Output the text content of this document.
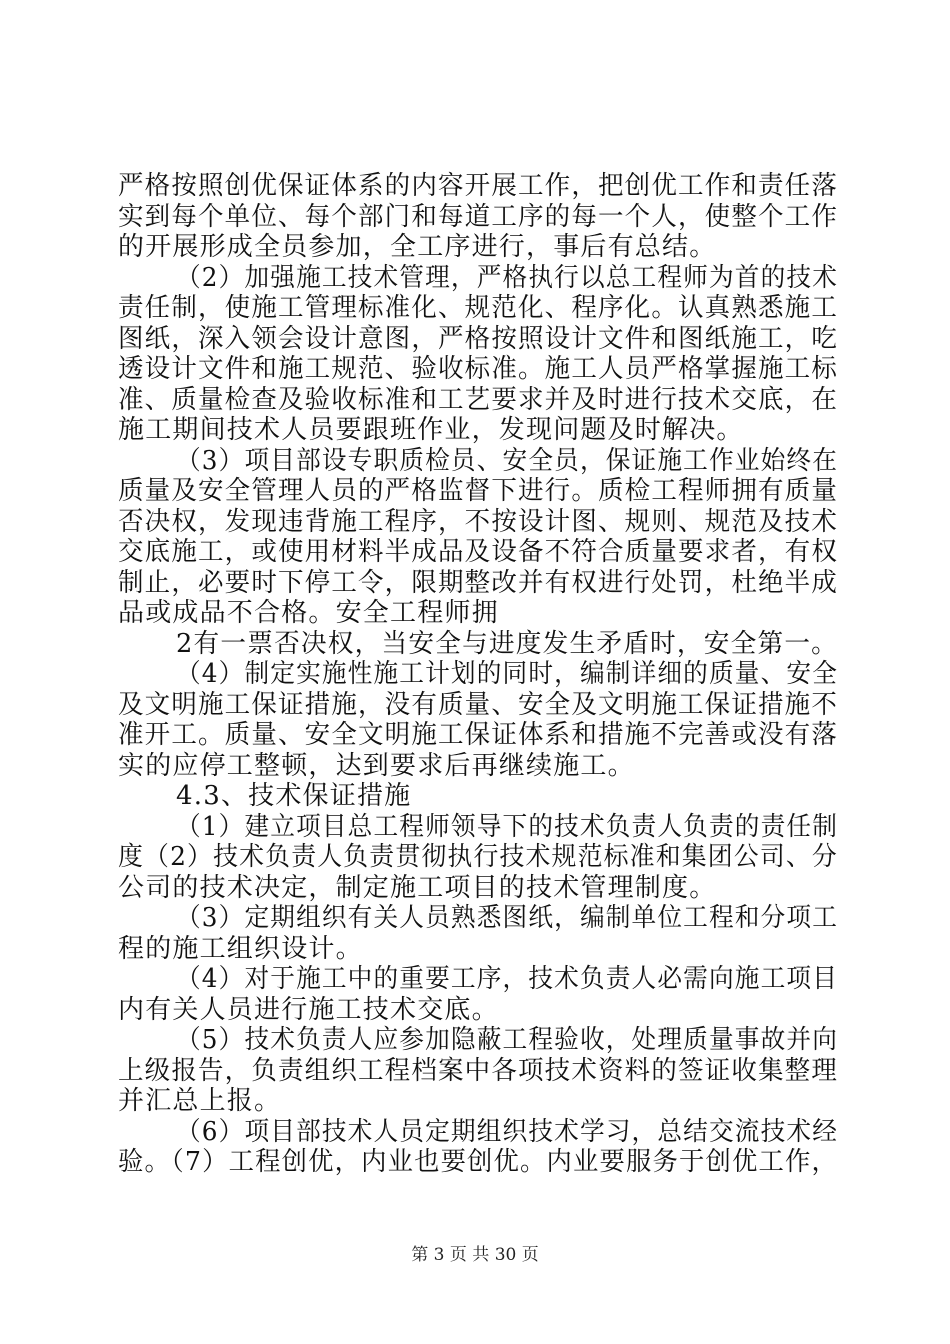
严格按照创优保证体系的内容开展工作，把创优工作和责任落
实到每个单位、每个部门和每道工序的每一个人，使整个工作
的开展形成全员参加，全工序进行，事后有总结。
（2）加强施工技术管理，严格执行以总工程师为首的技术
责任制，使施工管理标准化、规范化、程序化。认真熟悉施工
图纸，深入领会设计意图，严格按照设计文件和图纸施工，吃
透设计文件和施工规范、验收标准。施工人员严格掌握施工标
准、质量检查及验收标准和工艺要求并及时进行技术交底，在
施工期间技术人员要跟班作业，发现问题及时解决。
（3）项目部设专职质检员、安全员，保证施工作业始终在
质量及安全管理人员的严格监督下进行。质检工程师拥有质量
否决权，发现违背施工程序，不按设计图、规则、规范及技术
交底施工，或使用材料半成品及设备不符合质量要求者，有权
制止，必要时下停工令，限期整改并有权进行处罚，杜绝半成
品或成品不合格。安全工程师拥
2有一票否决权，当安全与进度发生矛盾时，安全第一。
（4）制定实施性施工计划的同时，编制详细的质量、安全
及文明施工保证措施，没有质量、安全及文明施工保证措施不
准开工。质量、安全文明施工保证体系和措施不完善或没有落
实的应停工整顿，达到要求后再继续施工。
4.3、技术保证措施
（1）建立项目总工程师领导下的技术负责人负责的责任制
度（2）技术负责人负责贯彻执行技术规范标准和集团公司、分
公司的技术决定，制定施工项目的技术管理制度。
（3）定期组织有关人员熟悉图纸，编制单位工程和分项工
程的施工组织设计。
（4）对于施工中的重要工序，技术负责人必需向施工项目
内有关人员进行施工技术交底。
（5）技术负责人应参加隐蔽工程验收，处理质量事故并向
上级报告，负责组织工程档案中各项技术资料的签证收集整理
并汇总上报。
（6）项目部技术人员定期组织技术学习，总结交流技术经
验。（7）工程创优，内业也要创优。内业要服务于创优工作，
第 3 页 共 30 页
